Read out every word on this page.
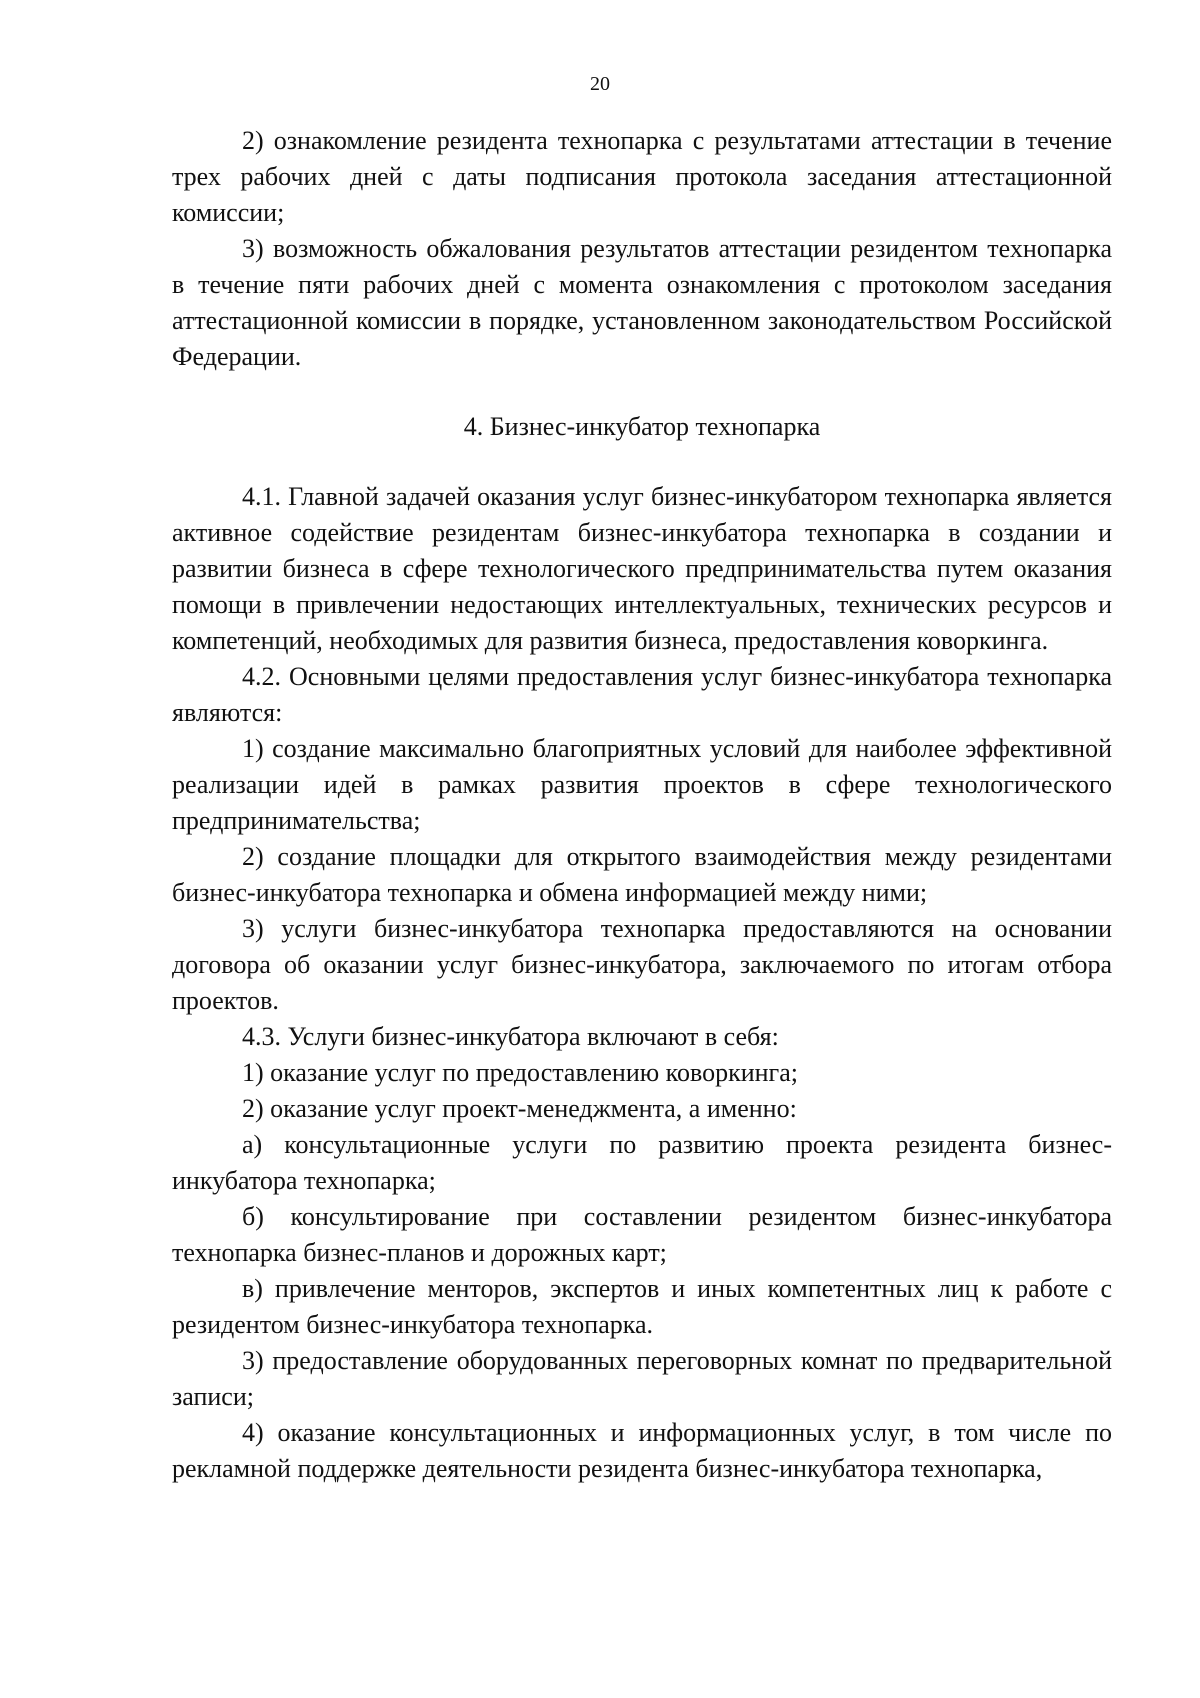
20

2) ознакомление резидента технопарка с результатами аттестации в течение трех рабочих дней с даты подписания протокола заседания аттестационной комиссии;

3) возможность обжалования результатов аттестации резидентом технопарка в течение пяти рабочих дней с момента ознакомления с протоколом заседания аттестационной комиссии в порядке, установленном законодательством Российской Федерации.

4. Бизнес-инкубатор технопарка

4.1. Главной задачей оказания услуг бизнес-инкубатором технопарка является активное содействие резидентам бизнес-инкубатора технопарка в создании и развитии бизнеса в сфере технологического предпринимательства путем оказания помощи в привлечении недостающих интеллектуальных, технических ресурсов и компетенций, необходимых для развития бизнеса, предоставления коворкинга.

4.2. Основными целями предоставления услуг бизнес-инкубатора технопарка являются:

1) создание максимально благоприятных условий для наиболее эффективной реализации идей в рамках развития проектов в сфере технологического предпринимательства;

2) создание площадки для открытого взаимодействия между резидентами бизнес-инкубатора технопарка и обмена информацией между ними;

3) услуги бизнес-инкубатора технопарка предоставляются на основании договора об оказании услуг бизнес-инкубатора, заключаемого по итогам отбора проектов.

4.3. Услуги бизнес-инкубатора включают в себя:

1) оказание услуг по предоставлению коворкинга;

2) оказание услуг проект-менеджмента, а именно:

а) консультационные услуги по развитию проекта резидента бизнес-инкубатора технопарка;

б) консультирование при составлении резидентом бизнес-инкубатора технопарка бизнес-планов и дорожных карт;

в) привлечение менторов, экспертов и иных компетентных лиц к работе с резидентом бизнес-инкубатора технопарка.

3) предоставление оборудованных переговорных комнат по предварительной записи;

4) оказание консультационных и информационных услуг, в том числе по рекламной поддержке деятельности резидента бизнес-инкубатора технопарка,
